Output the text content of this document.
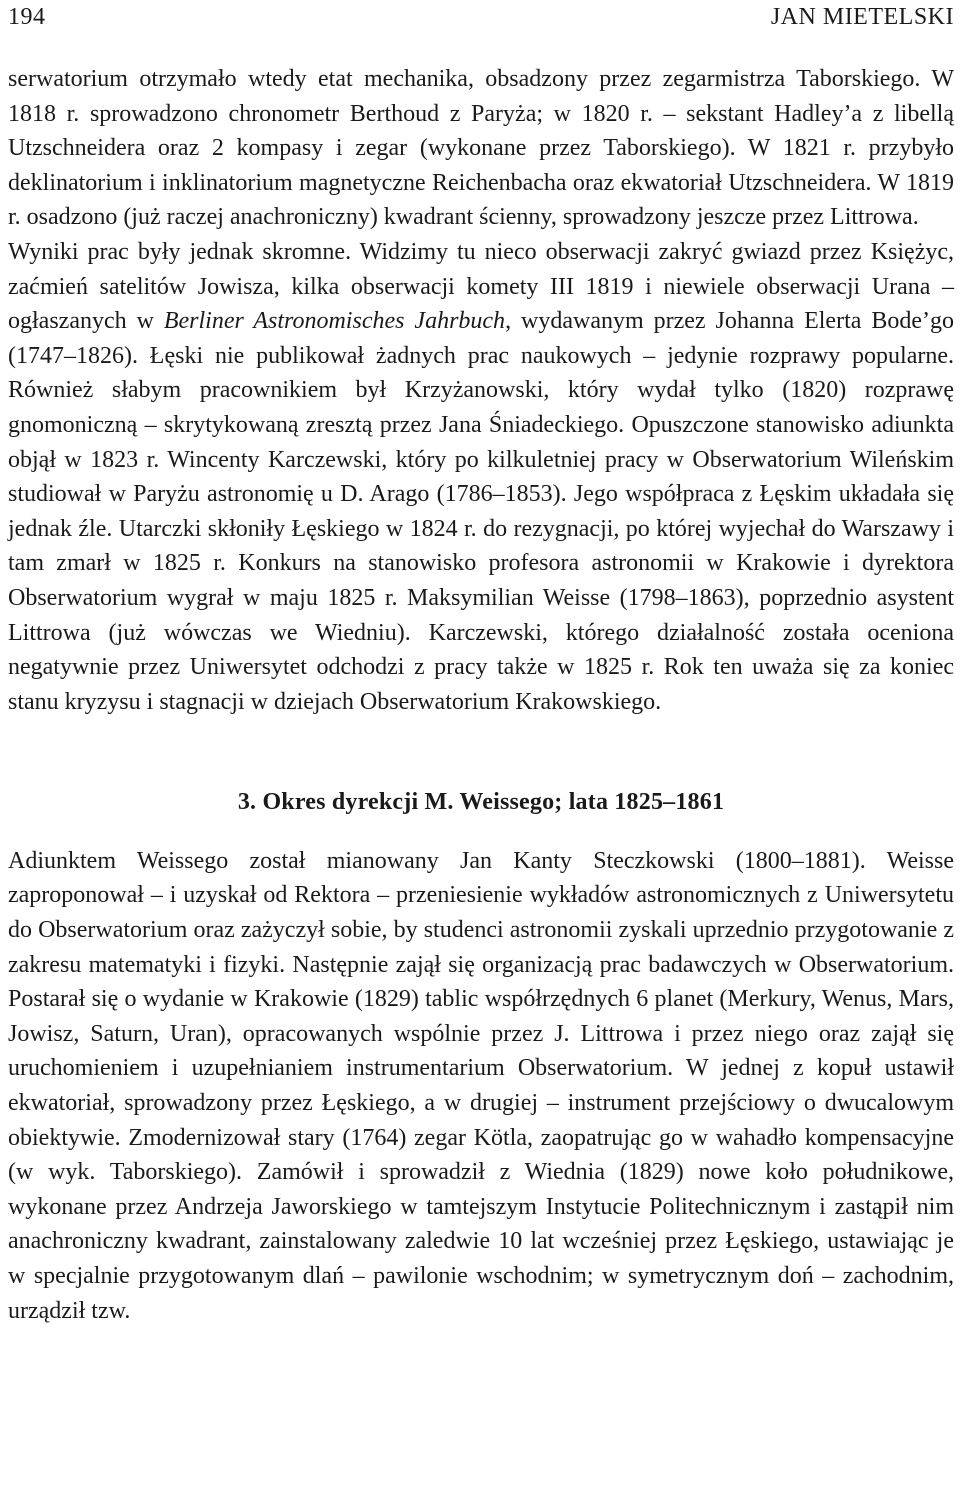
194	JAN MIETELSKI

serwatorium otrzymało wtedy etat mechanika, obsadzony przez zegarmistrza Taborskiego. W 1818 r. sprowadzono chronometr Berthoud z Paryża; w 1820 r. – sekstant Hadley’a z libellą Utzschneidera oraz 2 kompasy i zegar (wykonane przez Taborskiego). W 1821 r. przybyło deklinatorium i inklinatorium magnetyczne Reichenbacha oraz ekwatoriał Utzschneidera. W 1819 r. osadzono (już raczej anachroniczny) kwadrant ścienny, sprowadzony jeszcze przez Littrowa.

Wyniki prac były jednak skromne. Widzimy tu nieco obserwacji zakryć gwiazd przez Księżyc, zaćmień satelitów Jowisza, kilka obserwacji komety III 1819 i niewiele obserwacji Urana – ogłaszanych w Berliner Astronomisches Jahrbuch, wydawanym przez Johanna Elerta Bode’go (1747–1826). Łęski nie publikował żadnych prac naukowych – jedynie rozprawy popularne. Również słabym pracownikiem był Krzyżanowski, który wydał tylko (1820) rozprawę gnomoniczną – skrytykowaną zresztą przez Jana Śniadeckiego. Opuszczone stanowisko adiunkta objął w 1823 r. Wincenty Karczewski, który po kilkuletniej pracy w Obserwatorium Wileńskim studiował w Paryżu astronomię u D. Arago (1786–1853). Jego współpraca z Łęskim układała się jednak źle. Utarczki skłoniły Łęskiego w 1824 r. do rezygnacji, po której wyjechał do Warszawy i tam zmarł w 1825 r. Konkurs na stanowisko profesora astronomii w Krakowie i dyrektora Obserwatorium wygrał w maju 1825 r. Maksymilian Weisse (1798–1863), poprzednio asystent Littrowa (już wówczas we Wiedniu). Karczewski, którego działalność została oceniona negatywnie przez Uniwersytet odchodzi z pracy także w 1825 r. Rok ten uważa się za koniec stanu kryzysu i stagnacji w dziejach Obserwatorium Krakowskiego.

3. Okres dyrekcji M. Weissego; lata 1825–1861

Adiunktem Weissego został mianowany Jan Kanty Steczkowski (1800–1881). Weisse zaproponował – i uzyskał od Rektora – przeniesienie wykładów astronomicznych z Uniwersytetu do Obserwatorium oraz zażyczył sobie, by studenci astronomii zyskali uprzednio przygotowanie z zakresu matematyki i fizyki. Następnie zajął się organizacją prac badawczych w Obserwatorium. Postarał się o wydanie w Krakowie (1829) tablic współrzędnych 6 planet (Merkury, Wenus, Mars, Jowisz, Saturn, Uran), opracowanych wspólnie przez J. Littrowa i przez niego oraz zajął się uruchomieniem i uzupełnianiem instrumentarium Obserwatorium. W jednej z kopuł ustawił ekwatoriał, sprowadzony przez Łęskiego, a w drugiej – instrument przejściowy o dwucalowym obiektywie. Zmodernizował stary (1764) zegar Kötla, zaopatrując go w wahadło kompensacyjne (w wyk. Taborskiego). Zamówił i sprowadził z Wiednia (1829) nowe koło południkowe, wykonane przez Andrzeja Jaworskiego w tamtejszym Instytucie Politechnicznym i zastąpił nim anachroniczny kwadrant, zainstalowany zaledwie 10 lat wcześniej przez Łęskiego, ustawiając je w specjalnie przygotowanym dlań – pawilonie wschodnim; w symetrycznym doń – zachodnim, urządził tzw.
